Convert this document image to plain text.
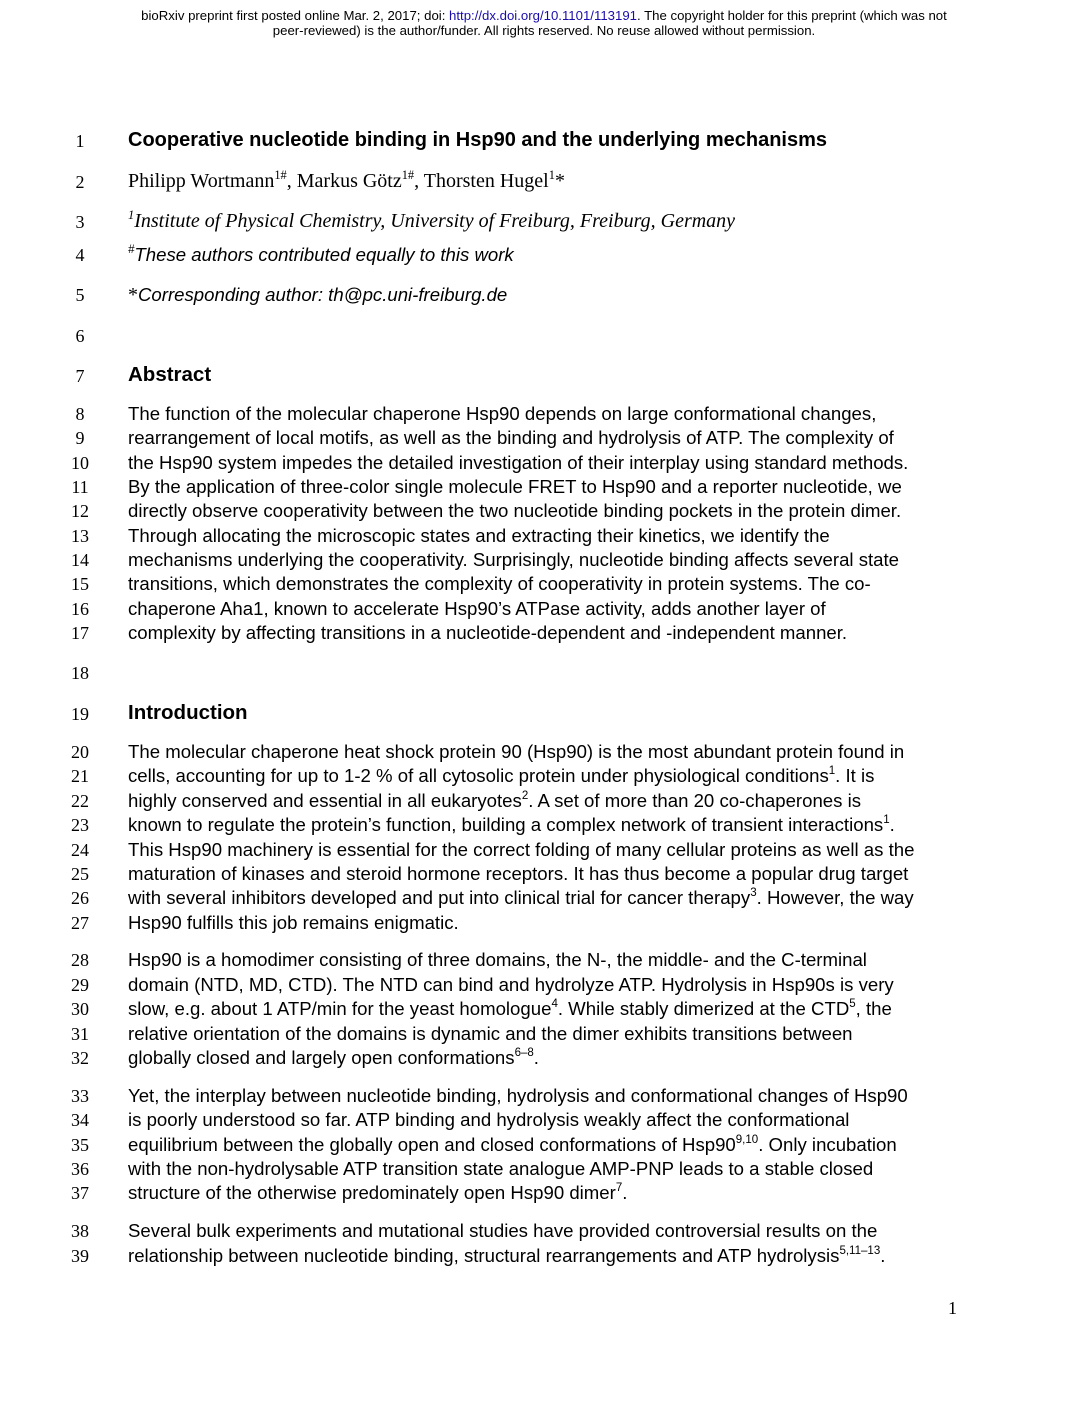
bioRxiv preprint first posted online Mar. 2, 2017; doi: http://dx.doi.org/10.1101/113191. The copyright holder for this preprint (which was not
peer-reviewed) is the author/funder. All rights reserved. No reuse allowed without permission.
1
2
3
4
5
6
7
8
9
10
11
12
13
14
15
16
17
18
19
20
21
22
23
24
25
26
27
28
29
30
31
32
33
34
35
36
37
38
39
Cooperative nucleotide binding in Hsp90 and the underlying mechanisms
Philipp Wortmann$^{1\#}$, Markus Götz$^{1\#}$, Thorsten Hugel$^1$*
$^1$Institute of Physical Chemistry, University of Freiburg, Freiburg, Germany
#These authors contributed equally to this work
*Corresponding author: th@pc.uni-freiburg.de
Abstract
The function of the molecular chaperone Hsp90 depends on large conformational changes,
rearrangement of local motifs, as well as the binding and hydrolysis of ATP. The complexity of
the Hsp90 system impedes the detailed investigation of their interplay using standard methods.
By the application of three-color single molecule FRET to Hsp90 and a reporter nucleotide, we
directly observe cooperativity between the two nucleotide binding pockets in the protein dimer.
Through allocating the microscopic states and extracting their kinetics, we identify the
mechanisms underlying the cooperativity. Surprisingly, nucleotide binding affects several state
transitions, which demonstrates the complexity of cooperativity in protein systems. The co-
chaperone Aha1, known to accelerate Hsp90’s ATPase activity, adds another layer of
complexity by affecting transitions in a nucleotide-dependent and -independent manner.
Introduction
The molecular chaperone heat shock protein 90 (Hsp90) is the most abundant protein found in
cells, accounting for up to 1-2 % of all cytosolic protein under physiological conditions$^1$. It is
highly conserved and essential in all eukaryotes$^2$. A set of more than 20 co-chaperones is
known to regulate the protein’s function, building a complex network of transient interactions$^1$.
This Hsp90 machinery is essential for the correct folding of many cellular proteins as well as the
maturation of kinases and steroid hormone receptors. It has thus become a popular drug target
with several inhibitors developed and put into clinical trial for cancer therapy$^3$. However, the way
Hsp90 fulfills this job remains enigmatic.
Hsp90 is a homodimer consisting of three domains, the N-, the middle- and the C-terminal
domain (NTD, MD, CTD). The NTD can bind and hydrolyze ATP. Hydrolysis in Hsp90s is very
slow, e.g. about 1 ATP/min for the yeast homologue$^4$. While stably dimerized at the CTD$^5$, the
relative orientation of the domains is dynamic and the dimer exhibits transitions between
globally closed and largely open conformations$^{6-8}$.
Yet, the interplay between nucleotide binding, hydrolysis and conformational changes of Hsp90
is poorly understood so far. ATP binding and hydrolysis weakly affect the conformational
equilibrium between the globally open and closed conformations of Hsp90$^{9,10}$. Only incubation
with the non-hydrolysable ATP transition state analogue AMP-PNP leads to a stable closed
structure of the otherwise predominately open Hsp90 dimer$^7$.
Several bulk experiments and mutational studies have provided controversial results on the
relationship between nucleotide binding, structural rearrangements and ATP hydrolysis$^{5,11-13}$.
1
